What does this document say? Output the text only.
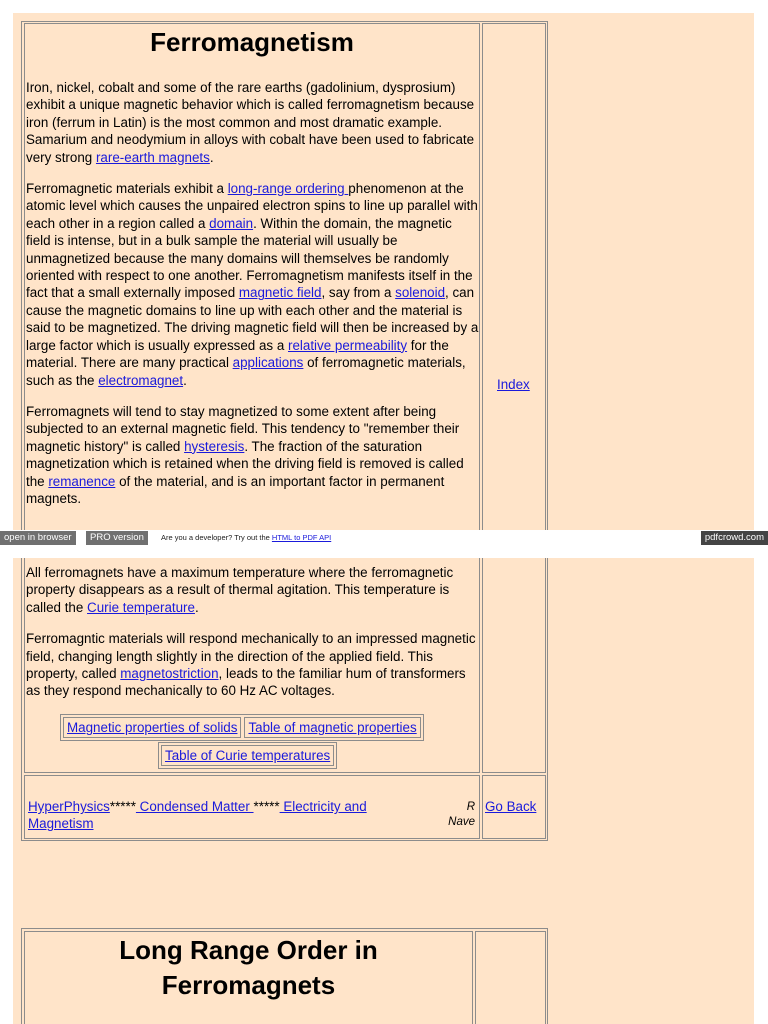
Ferromagnetism

Iron, nickel, cobalt and some of the rare earths (gadolinium, dysprosium) exhibit a unique magnetic behavior which is called ferromagnetism because iron (ferrum in Latin) is the most common and most dramatic example. Samarium and neodymium in alloys with cobalt have been used to fabricate very strong rare-earth magnets.

Ferromagnetic materials exhibit a long-range ordering phenomenon at the atomic level which causes the unpaired electron spins to line up parallel with each other in a region called a domain. Within the domain, the magnetic field is intense, but in a bulk sample the material will usually be unmagnetized because the many domains will themselves be randomly oriented with respect to one another. Ferromagnetism manifests itself in the fact that a small externally imposed magnetic field, say from a solenoid, can cause the magnetic domains to line up with each other and the material is said to be magnetized. The driving magnetic field will then be increased by a large factor which is usually expressed as a relative permeability for the material. There are many practical applications of ferromagnetic materials, such as the electromagnet.

Ferromagnets will tend to stay magnetized to some extent after being subjected to an external magnetic field. This tendency to "remember their magnetic history" is called hysteresis. The fraction of the saturation magnetization which is retained when the driving field is removed is called the remanence of the material, and is an important factor in permanent magnets.

Index
open in browser	PRO version	Are you a developer? Try out the HTML to PDF API	pdfcrowd.com

All ferromagnets have a maximum temperature where the ferromagnetic property disappears as a result of thermal agitation. This temperature is called the Curie temperature.

Ferromagntic materials will respond mechanically to an impressed magnetic field, changing length slightly in the direction of the applied field. This property, called magnetostriction, leads to the familiar hum of transformers as they respond mechanically to 60 Hz AC voltages.

Magnetic properties of solids Table of magnetic properties
Table of Curie temperatures
HyperPhysics***** Condensed Matter ***** Electricity and Magnetism
R
Nave
Go Back
Long Range Order in
Ferromagnets
